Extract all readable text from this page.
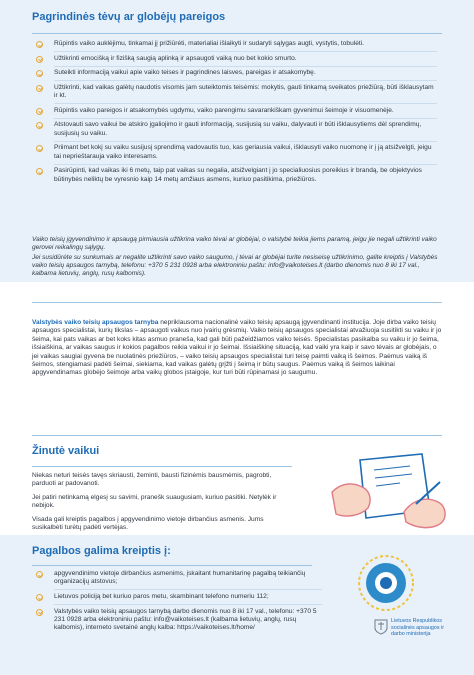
Pagrindinės tėvų ar globėjų pareigos
Rūpintis vaiko auklėjimu, tinkamai jį prižiūrėti, materialiai išlaikyti ir sudaryti sąlygas augti, vystytis, tobulėti.
Užtikrinti emocišką ir fizišką saugią aplinką ir apsaugoti vaiką nuo bet kokio smurto.
Suteikti informaciją vaikui apie vaiko teises ir pagrindines laisves, pareigas ir atsakomybę.
Užtikrinti, kad vaikas galėtų naudotis visomis jam suteiktomis teisėmis: mokytis, gauti tinkamą sveikatos priežiūrą, būti išklausytam ir kt.
Rūpintis vaiko pareigos ir atsakomybės ugdymu, vaiko parengimu savarankiškam gyvenimui šeimoje ir visuomenėje.
Atstovauti savo vaikui be atskiro įgaliojimo ir gauti informaciją, susijusią su vaiku, dalyvauti ir būti išklausytiems dėl sprendimų, susijusių su vaiku.
Priimant bet kokį su vaiku susijusį sprendimą vadovautis tuo, kas geriausia vaikui, išklausyti vaiko nuomonę ir į ją atsižvelgti, jeigu tai neprieštarauja vaiko interesams.
Pasirūpinti, kad vaikas iki 6 metų, taip pat vaikas su negalia, atsižvelgiant į jo specialiuosius poreikius ir brandą, be objektyvios būtinybės neliktų be vyresnio kaip 14 metų amžiaus asmens, kuriuo pasitikima, priežiūros.

Vaiko teisių įgyvendinimo ir apsaugą pirmiausia užtikrina vaiko tėvai ar globėjai, o valstybė teikia jiems paramą, jeigu jie negali užtikrinti vaiko gerovei reikalingų sąlygų.

Jei susidūrėte su sunkumais ar negalite užtikrinti savo vaiko saugumo, į tėvai ar globėjai turite nesiseisę užtikrinimo, galite kreiptis į Valstybės vaiko teisių apsaugos tarnybą, telefonu: +370 5 231 0928 arba elektroniniu paštu: info@vaikoteises.lt (darbo dienomis nuo 8 iki 17 val., kalbama lietuvių, anglų, rusų kalbomis).

Valstybės vaiko teisių apsaugos tarnyba nepriklausoma nacionalinė vaiko teisių apsaugą įgyvendinanti institucija. Joje dirba vaiko teisių apsaugos specialistai, kurių tikslas – apsaugoti vaikus nuo įvairių grėsmių. Vaiko teisių apsaugos specialistai atvažiuoja susitikti su vaiku ir jo šeima, kai pats vaikas ar bet koks kitas asmuo praneša, kad gali būti pažeidžiamos vaiko teisės. Specialistas pasikalba su vaiku ir jo šeima, išsiaiškina, ar vaikas saugus ir kokios pagalbos reikia vaikui ir jo šeimai. Išsiaiškinę situaciją, kad vaiki yra kaip ir savo tėvais ar globėjais, o jei vaikas saugiai gyvena be nuolatinės priežiūros, – vaiko teisių apsaugos specialistai turi teisę paimti vaiką iš šeimos. Paėmus vaiką iš šeimos, stengiamasi padėti šeimai, siekiama, kad vaikas galėtų grįžti į šeimą ir būtų saugus. Paėmus vaiką iš šeimos laikinai apgyvendinamas globėjo šeimoje arba vaikų globos įstaigoje, kur turi būti rūpinamasi jo saugumu.

Žinutė vaikui

Niekas neturi teisės tavęs skriausti, žeminti, bausti fizinėmis bausmėmis, pagrobti, parduoti ar padovanoti.

Jei patiri netinkamą elgesį su savimi, pranešk suaugusiam, kuriuo pasitiki. Netylėk ir nebijok.

Visada gali kreiptis pagalbos į apgyvendinimo vietoje dirbančius asmenis. Jums susikalbėti turėtų padėti vertėjas.

Pagalbos galima kreiptis į:
apgyvendinimo vietoje dirbančius asmenims, įskaitant humanitarinę pagalbą teikiančių organizacijų atstovus;
Lietuvos policiją bet kuriuo paros metu, skambinant telefono numeriu 112;
Valstybės vaiko teisių apsaugos tarnybą darbo dienomis nuo 8 iki 17 val., telefonu: +370 5 231 0928 arba elektroniniu paštu: info@vaikoteises.lt (kalbama lietuvių, anglų, rusų kalbomis), interneto svetainė anglų kalba: https://vaikoteises.lt/home/

Lietuvos Respublikos socialinės apsaugos ir darbo ministerija
